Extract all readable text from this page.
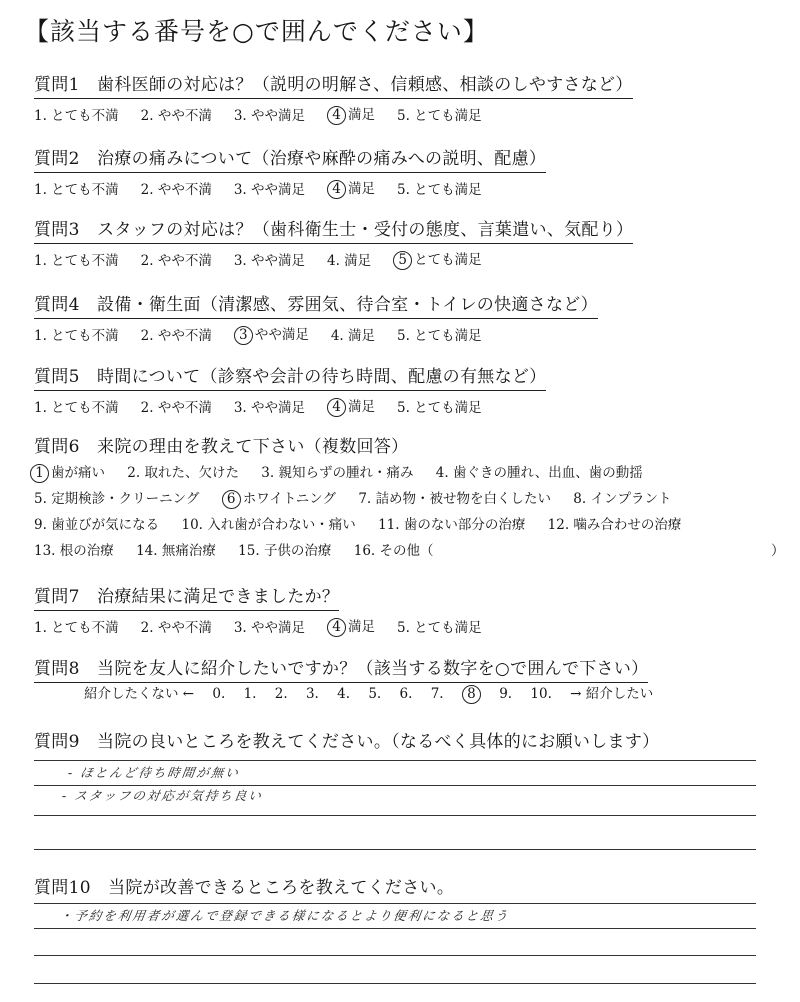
【該当する番号を○で囲んでください】
質問1　歯科医師の対応は？（説明の明解さ、信頼感、相談のしやすさなど）
1. とても不満 2. やや不満 3. やや満足	4 満足 5. とても満足
質問2　治療の痛みについて（治療や麻酔の痛みへの説明、配慮）
1. とても不満 2. やや不満 3. やや満足	4 満足 5. とても満足
質問3　スタッフの対応は？（歯科衛生士・受付の態度、言葉遣い、気配り）
1. とても不満 2. やや不満 3. やや満足 4. 満足	5 とても満足
質問4　設備・衛生面（清潔感、雰囲気、待合室・トイレの快適さなど）
1. とても不満 2. やや不満	3 やや満足 4. 満足 5. とても満足
質問5　時間について（診察や会計の待ち時間、配慮の有無など）
1. とても不満 2. やや不満 3. やや満足	4 満足 5. とても満足
質問6　来院の理由を教えて下さい（複数回答）
1 歯が痛い 2. 取れた、欠けた 3. 親知らずの腫れ・痛み 4. 歯ぐきの腫れ、出血、歯の動揺
5. 定期検診・クリーニング 6 ホワイトニング 7. 詰め物・被せ物を白くしたい 8. インプラント
9. 歯並びが気になる 10. 入れ歯が合わない・痛い 11. 歯のない部分の治療 12. 噛み合わせの治療
13. 根の治療 14. 無痛治療 15. 子供の治療 16. その他（　　　　　　　　　　　　　　　　　　　　　　　　　）
質問7　治療結果に満足できましたか？
1. とても不満 2. やや不満 3. やや満足	4 満足 5. とても満足
質問8　当院を友人に紹介したいですか？（該当する数字を○で囲んで下さい）
紹介したくない ← 0. 1. 2. 3. 4. 5. 6. 7. 8 9. 10. → 紹介したい
質問9　当院の良いところを教えてください。（なるべく具体的にお願いします）
- ほとんど待ち時間が無い
- スタッフの対応が気持ち良い
質問10　当院が改善できるところを教えてください。
・予約を利用者が選んで登録できる様になるとより便利になると思う
